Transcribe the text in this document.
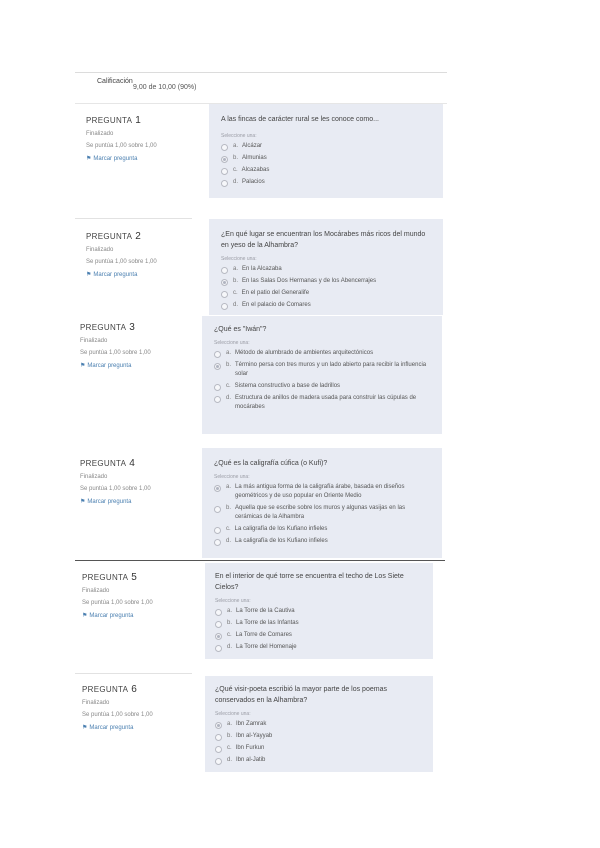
Calificación
9,00 de 10,00 (90%)
PREGUNTA 1
Finalizado
Se puntúa 1,00 sobre 1,00
⚑ Marcar pregunta
A las fincas de carácter rural se les conoce como...
Seleccione una:
a. Alcázar
b. Almunias
c. Alcazabas
d. Palacios
PREGUNTA 2
Finalizado
Se puntúa 1,00 sobre 1,00
⚑ Marcar pregunta
¿En qué lugar se encuentran los Mocárabes más ricos del mundo en yeso de la Alhambra?
Seleccione una:
a. En la Alcazaba
b. En las Salas Dos Hermanas y de los Abencerrajes
c. En el patio del Generalife
d. En el palacio de Comares
PREGUNTA 3
Finalizado
Se puntúa 1,00 sobre 1,00
⚑ Marcar pregunta
¿Qué es "Iwán"?
Seleccione una:
a. Método de alumbrado de ambientes arquitectónicos
b. Término persa con tres muros y un lado abierto para recibir la influencia solar
c. Sistema constructivo a base de ladrillos
d. Estructura de anillos de madera usada para construir las cúpulas de mocárabes
PREGUNTA 4
Finalizado
Se puntúa 1,00 sobre 1,00
⚑ Marcar pregunta
¿Qué es la caligrafía cúfica (o Kufi)?
Seleccione una:
a. La más antigua forma de la caligrafía árabe, basada en diseños geométricos y de uso popular en Oriente Medio
b. Aquella que se escribe sobre los muros y algunas vasijas en las cerámicas de la Alhambra
c. La caligrafía de los Kufiano infieles
d. La caligrafía de los Kufiano infieles
PREGUNTA 5
Finalizado
Se puntúa 1,00 sobre 1,00
⚑ Marcar pregunta
En el interior de qué torre se encuentra el techo de Los Siete Cielos?
Seleccione una:
a. La Torre de la Cautiva
b. La Torre de las Infantas
c. La Torre de Comares
d. La Torre del Homenaje
PREGUNTA 6
Finalizado
Se puntúa 1,00 sobre 1,00
⚑ Marcar pregunta
¿Qué visir-poeta escribió la mayor parte de los poemas conservados en la Alhambra?
Seleccione una:
a. Ibn Zamrak
b. Ibn al-Yayyab
c. Ibn Furkun
d. Ibn al-Jatib
